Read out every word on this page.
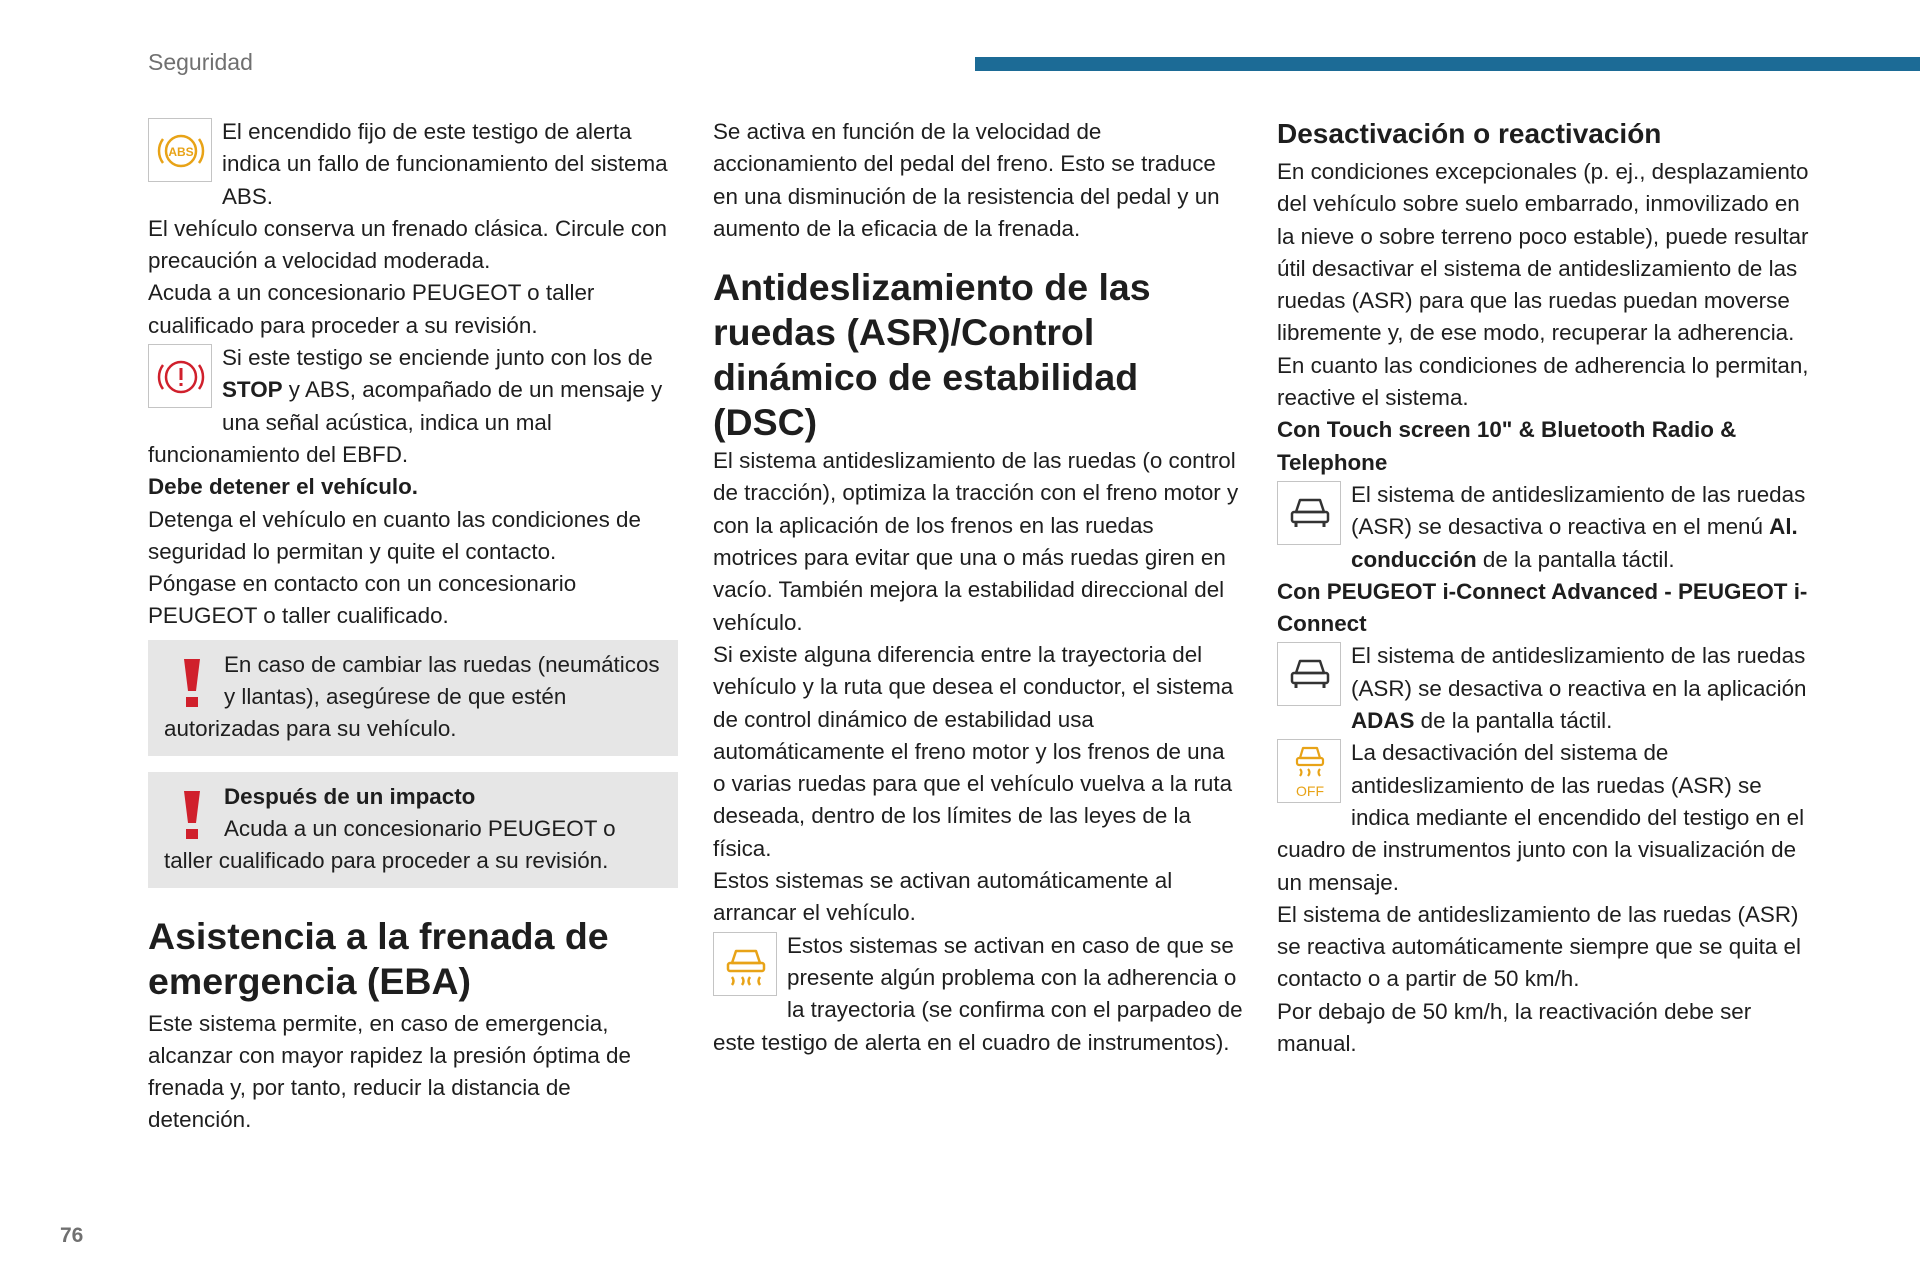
Seguridad
ABS

El encendido fijo de este testigo de alerta indica un fallo de funcionamiento del sistema ABS.

El vehículo conserva un frenado clásica. Circule con precaución a velocidad moderada.

Acuda a un concesionario PEUGEOT o taller cualificado para proceder a su revisión.

Si este testigo se enciende junto con los de STOP y ABS, acompañado de un mensaje y una señal acústica, indica un mal funcionamiento del EBFD.

Debe detener el vehículo.

Detenga el vehículo en cuanto las condiciones de seguridad lo permitan y quite el contacto.

Póngase en contacto con un concesionario PEUGEOT o taller cualificado.

En caso de cambiar las ruedas (neumáticos y llantas), asegúrese de que estén autorizadas para su vehículo.

Después de un impacto

Acuda a un concesionario PEUGEOT o taller cualificado para proceder a su revisión.

Asistencia a la frenada de emergencia (EBA)

Este sistema permite, en caso de emergencia, alcanzar con mayor rapidez la presión óptima de frenada y, por tanto, reducir la distancia de detención.

Se activa en función de la velocidad de accionamiento del pedal del freno. Esto se traduce en una disminución de la resistencia del pedal y un aumento de la eficacia de la frenada.

Antideslizamiento de las ruedas (ASR)/Control dinámico de estabilidad (DSC)

El sistema antideslizamiento de las ruedas (o control de tracción), optimiza la tracción con el freno motor y con la aplicación de los frenos en las ruedas motrices para evitar que una o más ruedas giren en vacío. También mejora la estabilidad direccional del vehículo.

Si existe alguna diferencia entre la trayectoria del vehículo y la ruta que desea el conductor, el sistema de control dinámico de estabilidad usa automáticamente el freno motor y los frenos de una o varias ruedas para que el vehículo vuelva a la ruta deseada, dentro de los límites de las leyes de la física.

Estos sistemas se activan automáticamente al arrancar el vehículo.

Estos sistemas se activan en caso de que se presente algún problema con la adherencia o la trayectoria (se confirma con el parpadeo de este testigo de alerta en el cuadro de instrumentos).

Desactivación o reactivación

En condiciones excepcionales (p. ej., desplazamiento del vehículo sobre suelo embarrado, inmovilizado en la nieve o sobre terreno poco estable), puede resultar útil desactivar el sistema de antideslizamiento de las ruedas (ASR) para que las ruedas puedan moverse libremente y, de ese modo, recuperar la adherencia.

En cuanto las condiciones de adherencia lo permitan, reactive el sistema.

Con Touch screen 10" & Bluetooth Radio & Telephone

El sistema de antideslizamiento de las ruedas (ASR) se desactiva o reactiva en el menú Al. conducción de la pantalla táctil.

Con PEUGEOT i-Connect Advanced - PEUGEOT i-Connect

El sistema de antideslizamiento de las ruedas (ASR) se desactiva o reactiva en la aplicación ADAS de la pantalla táctil.

OFF

La desactivación del sistema de antideslizamiento de las ruedas (ASR) se indica mediante el encendido del testigo en el cuadro de instrumentos junto con la visualización de un mensaje.

El sistema de antideslizamiento de las ruedas (ASR) se reactiva automáticamente siempre que se quita el contacto o a partir de 50 km/h.

Por debajo de 50 km/h, la reactivación debe ser manual.

76
